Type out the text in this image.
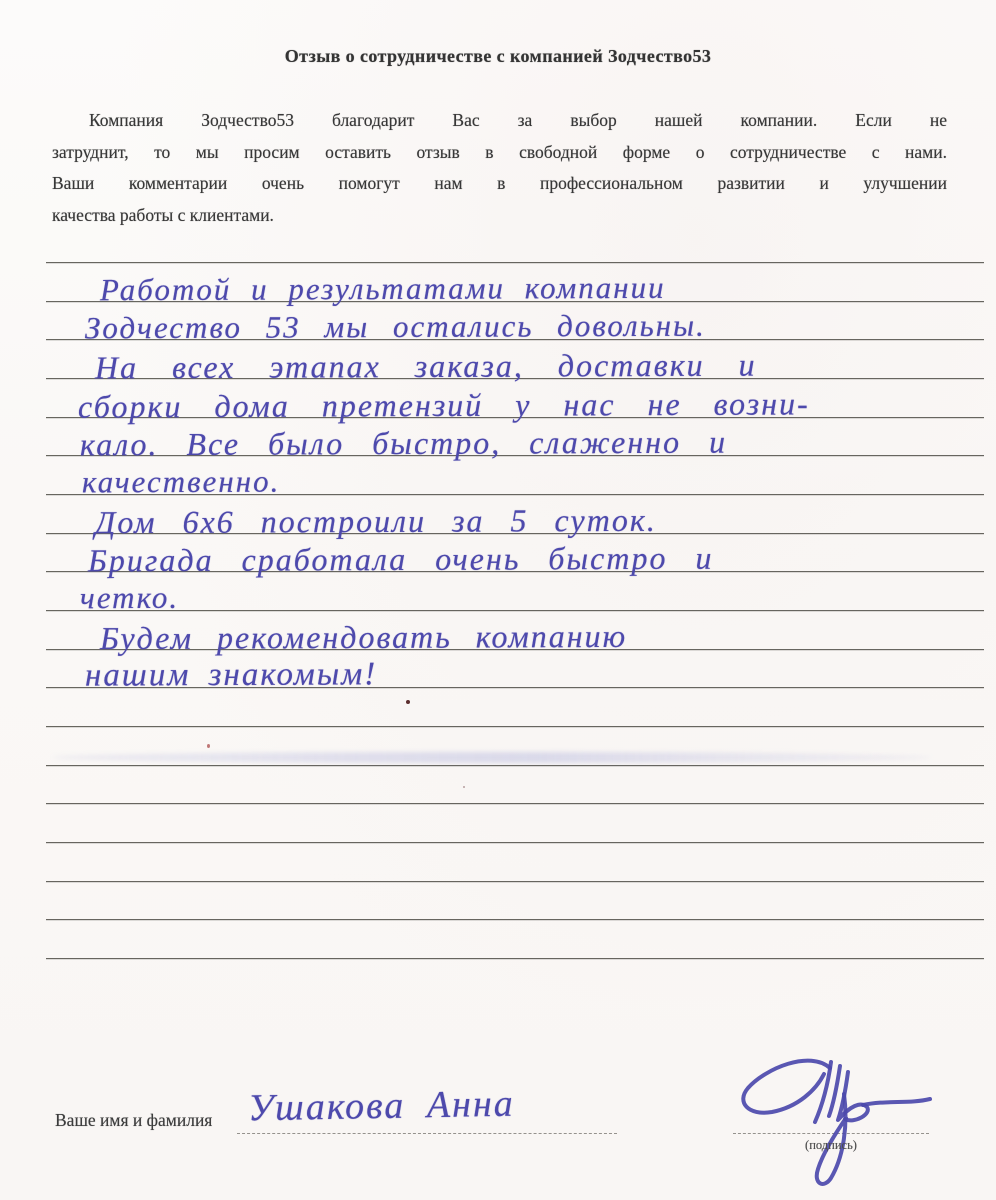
Отзыв о сотрудничестве с компанией Зодчество53
Компания Зодчество53 благодарит Вас за выбор нашей компании. Если не
затруднит, то мы просим оставить отзыв в свободной форме о сотрудничестве с нами.
Ваши комментарии очень помогут нам в профессиональном развитии и улучшении
качества работы с клиентами.
Работой и результатами компании
Зодчество 53 мы остались довольны.
На всех этапах заказа, доставки и
сборки дома претензий у нас не возни-
кало. Все было быстро, слаженно и
качественно.
Дом 6х6 построили за 5 суток.
Бригада сработала очень быстро и
четко.
Будем рекомендовать компанию
нашим знакомым!
Ваше имя и фамилия Ушакова Анна
(подпись)
